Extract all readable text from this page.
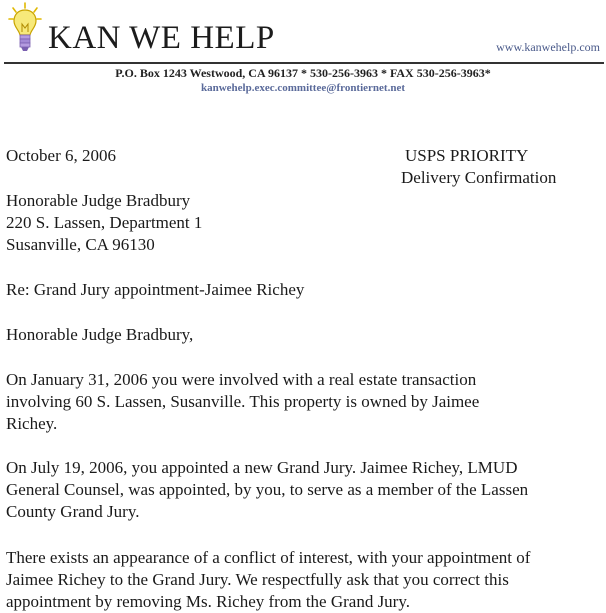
KAN WE HELP	www.kanwehelp.com
P.O. Box 1243 Westwood, CA 96137 * 530-256-3963 * FAX 530-256-3963*
kanwehelp.exec.committee@frontiernet.net
October 6, 2006	USPS PRIORITY
Delivery Confirmation
Honorable Judge Bradbury
220 S. Lassen, Department 1
Susanville, CA 96130
Re: Grand Jury appointment-Jaimee Richey
Honorable Judge Bradbury,
On January 31, 2006 you were involved with a real estate transaction
involving 60 S. Lassen, Susanville. This property is owned by Jaimee
Richey.
On July 19, 2006, you appointed a new Grand Jury. Jaimee Richey, LMUD
General Counsel, was appointed, by you, to serve as a member of the Lassen
County Grand Jury.
There exists an appearance of a conflict of interest, with your appointment of
Jaimee Richey to the Grand Jury. We respectfully ask that you correct this
appointment by removing Ms. Richey from the Grand Jury.
